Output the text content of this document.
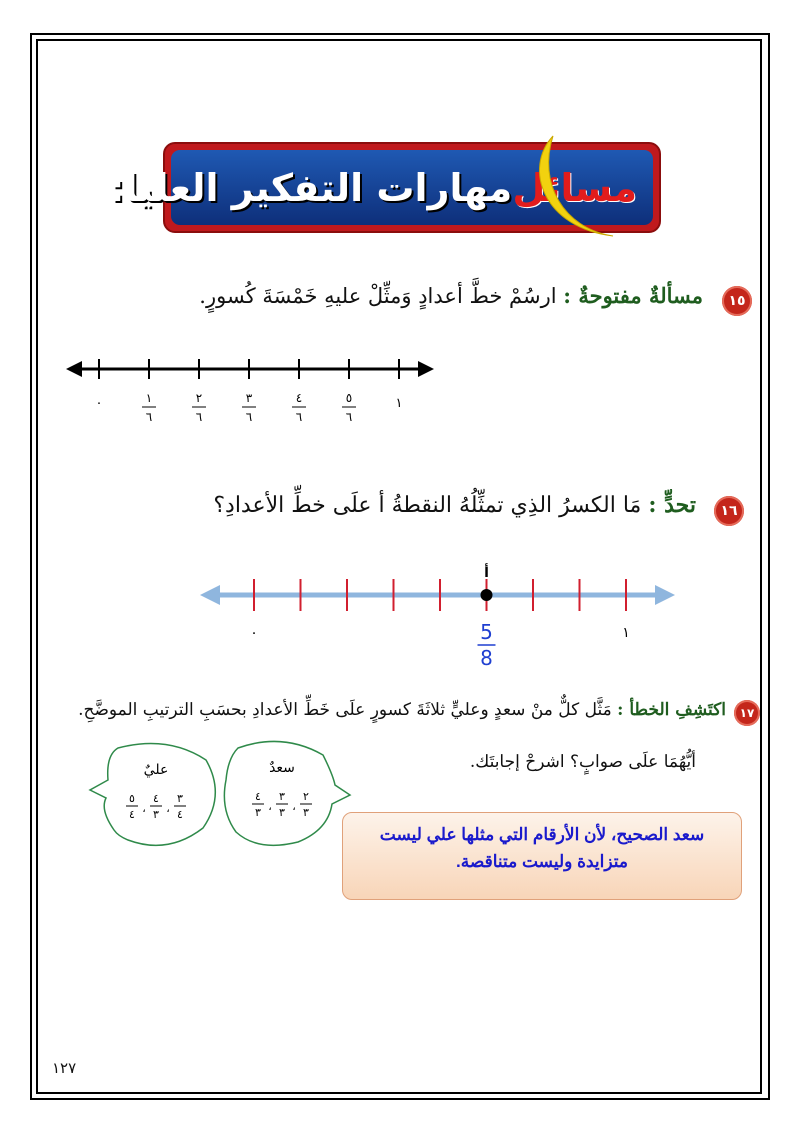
مسائل
مهارات التفكير العليا:
١٥
مسألةٌ مفتوحةٌ : ارسُمْ خطَّ أعدادٍ وَمثِّلْ عليهِ خَمْسَةَ كُسورٍ.
١
٦
٢
٦
٣
٦
٤
٦
٥
٦
٠	١
١٦
تحدٍّ : مَا الكسرُ الذِي تمثِّلُهُ النقطةُ أ علَى خطِّ الأعدادِ؟
أ
٠	١
5
8
١٧
اكتَشِفِ الخطأ : مَثَّل كلٌّ منْ سعدٍ وعليٍّ ثلاثَةَ كسورٍ علَى خَطِّ الأعدادِ بحسَبِ الترتيبِ الموضَّحِ.
أيُّهُمَا علَى صوابٍ؟ اشرحْ إجابتَك.
عليٌ	سعدٌ
٣
٤
،
٤
٣
،
٥
٤
٢
٣
،
٣
٣
،
٤
٣
سعد الصحيح، لأن الأرقام التي مثلها علي ليست
متزايدة وليست متناقصة.
١٢٧
